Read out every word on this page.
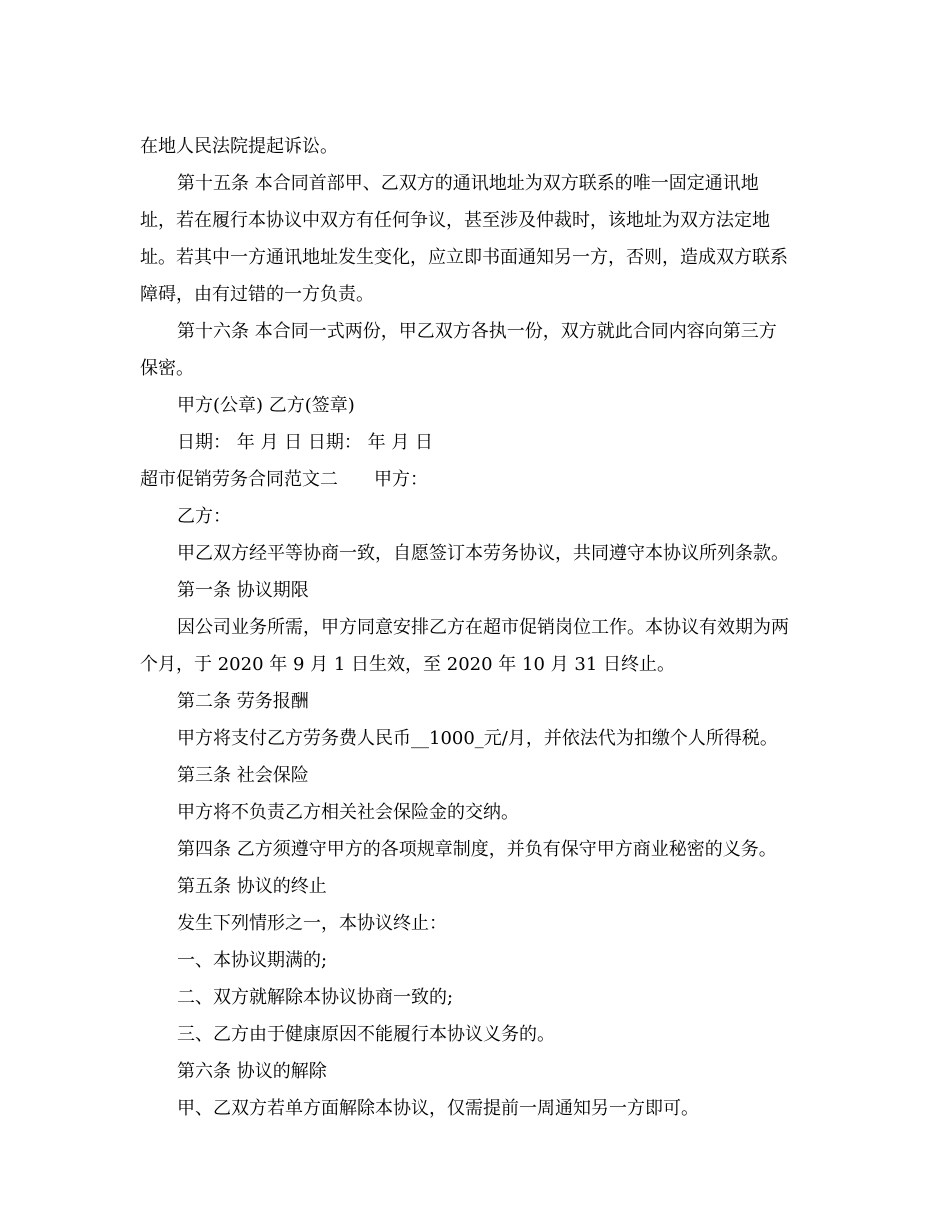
在地人民法院提起诉讼。
第十五条 本合同首部甲、乙双方的通讯地址为双方联系的唯一固定通讯地
址，若在履行本协议中双方有任何争议，甚至涉及仲裁时，该地址为双方法定地
址。若其中一方通讯地址发生变化，应立即书面通知另一方，否则，造成双方联系
障碍，由有过错的一方负责。
第十六条 本合同一式两份，甲乙双方各执一份，双方就此合同内容向第三方
保密。
甲方(公章) 乙方(签章)
日期： 年 月 日 日期： 年 月 日
超市促销劳务合同范文二 甲方：
乙方：
甲乙双方经平等协商一致，自愿签订本劳务协议，共同遵守本协议所列条款。
第一条 协议期限
因公司业务所需，甲方同意安排乙方在超市促销岗位工作。本协议有效期为两
个月，于 2020 年 9 月 1 日生效，至 2020 年 10 月 31 日终止。
第二条 劳务报酬
甲方将支付乙方劳务费人民币__1000_元/月，并依法代为扣缴个人所得税。
第三条 社会保险
甲方将不负责乙方相关社会保险金的交纳。
第四条 乙方须遵守甲方的各项规章制度，并负有保守甲方商业秘密的义务。
第五条 协议的终止
发生下列情形之一，本协议终止：
一、本协议期满的;
二、双方就解除本协议协商一致的;
三、乙方由于健康原因不能履行本协议义务的。
第六条 协议的解除
甲、乙双方若单方面解除本协议，仅需提前一周通知另一方即可。
